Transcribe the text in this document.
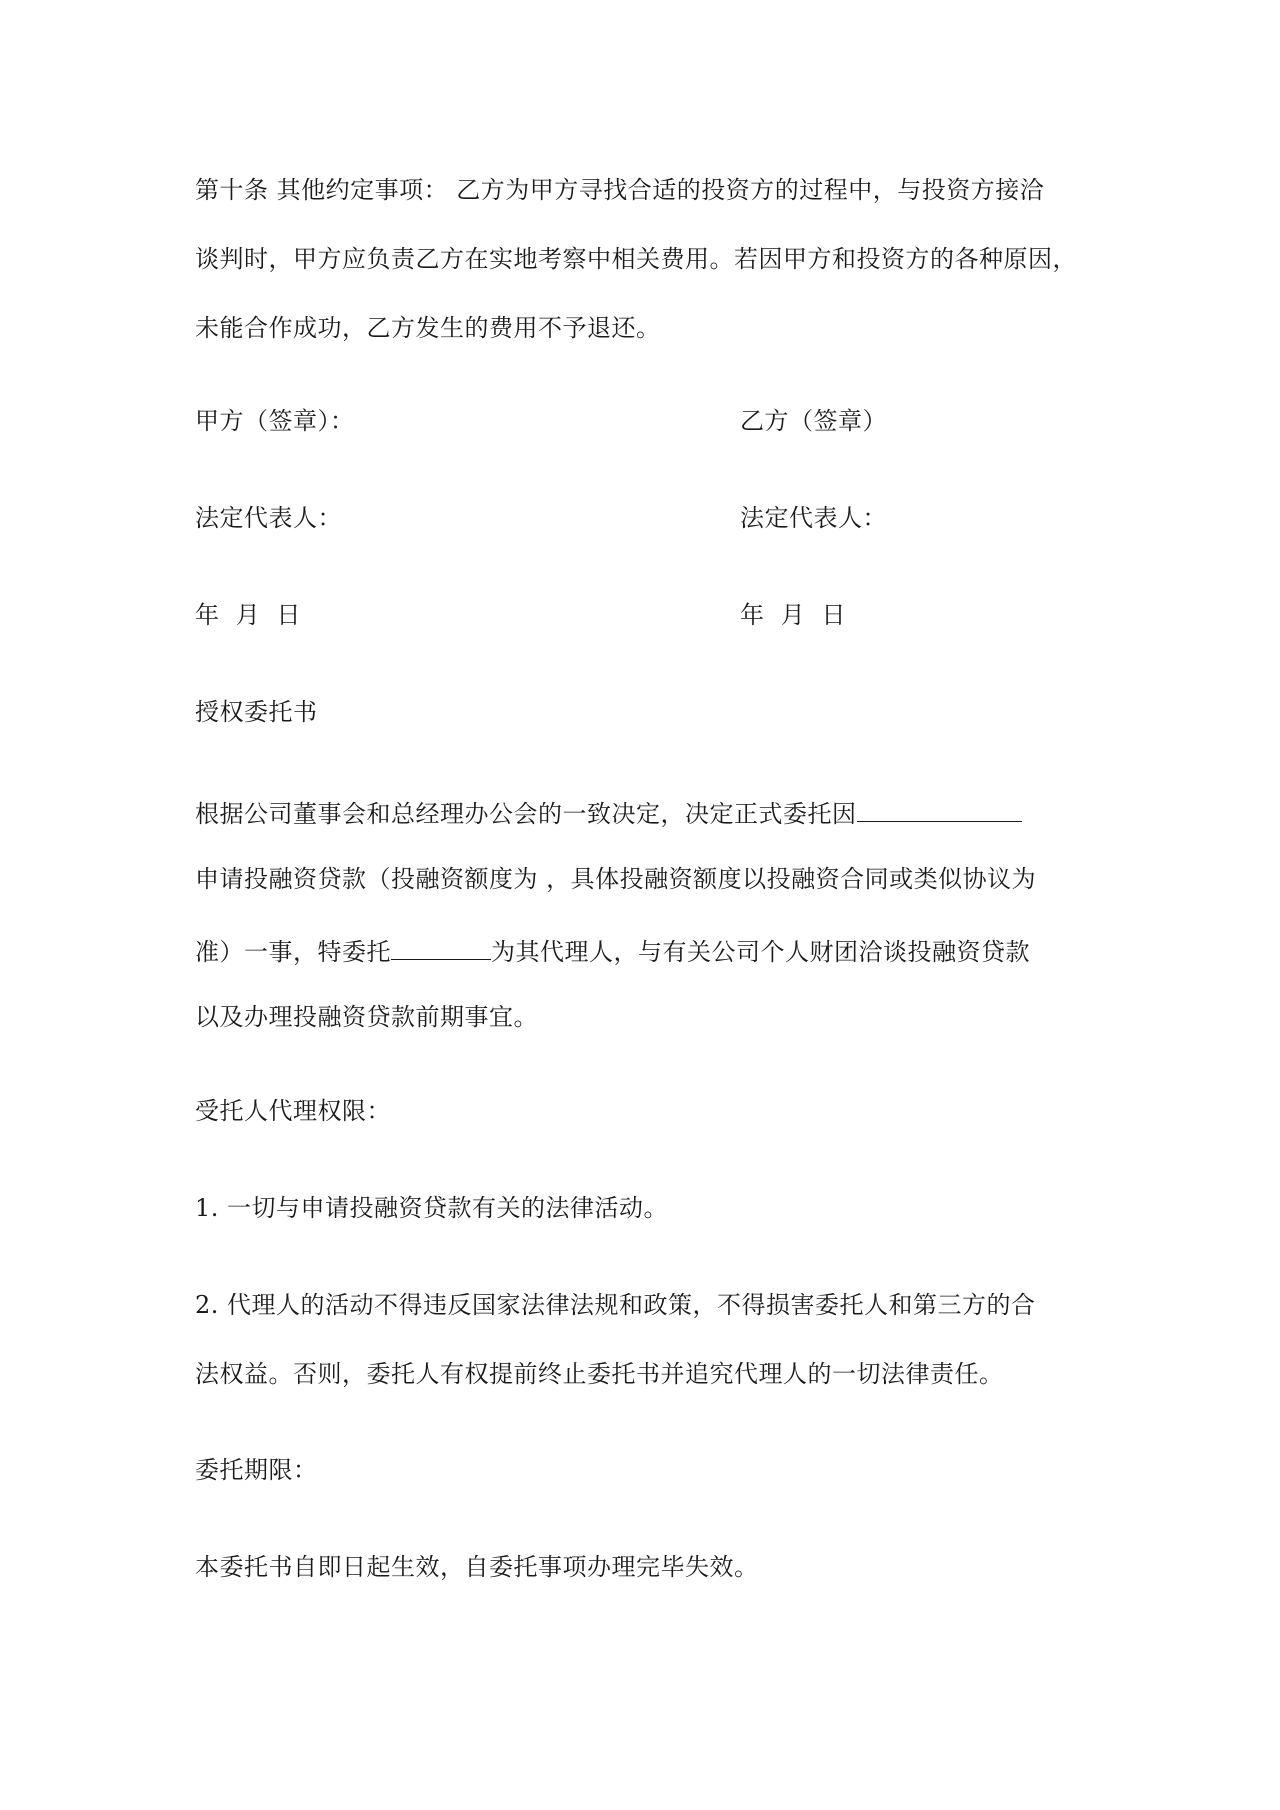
第十条 其他约定事项： 乙方为甲方寻找合适的投资方的过程中，与投资方接洽
谈判时，甲方应负责乙方在实地考察中相关费用。若因甲方和投资方的各种原因，
未能合作成功，乙方发生的费用不予退还。
甲方（签章）：	乙方（签章）
法定代表人：	法定代表人：
年  月  日	年  月  日
授权委托书
根据公司董事会和总经理办公会的一致决定，决定正式委托因
申请投融资贷款（投融资额度为 ，具体投融资额度以投融资合同或类似协议为
准）一事，特委托	为其代理人，与有关公司个人财团洽谈投融资贷款
以及办理投融资贷款前期事宜。
受托人代理权限：
1. 一切与申请投融资贷款有关的法律活动。
2. 代理人的活动不得违反国家法律法规和政策，不得损害委托人和第三方的合
法权益。否则，委托人有权提前终止委托书并追究代理人的一切法律责任。
委托期限：
本委托书自即日起生效，自委托事项办理完毕失效。
